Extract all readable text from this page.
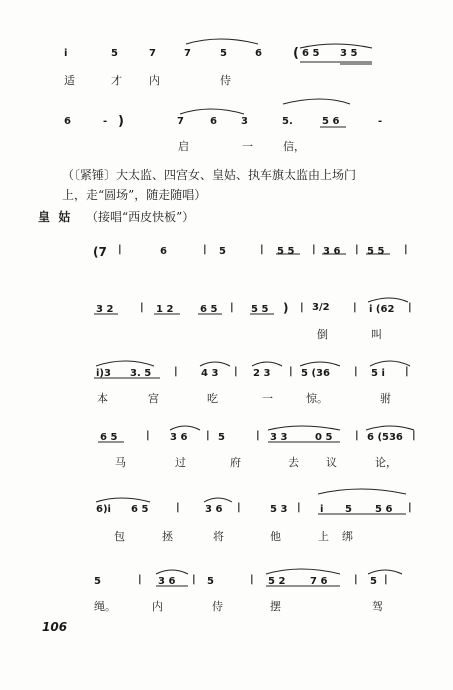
i	5	7	7	5	6 ( 6 5 3 5
适	才 内	侍
6	- )	7	6 3	5.	5 6	-
启	一	信，
（〔紧锤〕大太监、四宫女、皇姑、执车旗太监由上场门
上，走“圆场”，随走随唱）
皇  姑 （接唱“西皮快板”）
(7 |	6	| 5	| 5 5 | 3 6 | 5 5 |
3 2	| 1 2	6 5 | 5 5 ) | 3/2 | i (62 |
倒	叫
i)3 3. 5 | 4 3 | 2 3 | 5 (36 | 5 i |
本	宫	吃	一	惊。	驸
6 5	| 3 6 | 5	| 3 3	0 5 | 6 (536 |
马	过	府	去 议	论，
6)i 6 5	|	3 6 |	5 3 | i 5 5 6 |
包	拯	将	他	上 绑
5	| 3 6 | 5	| 5 2 7 6	| 5 |
绳。	内	侍	摆	驾
106
